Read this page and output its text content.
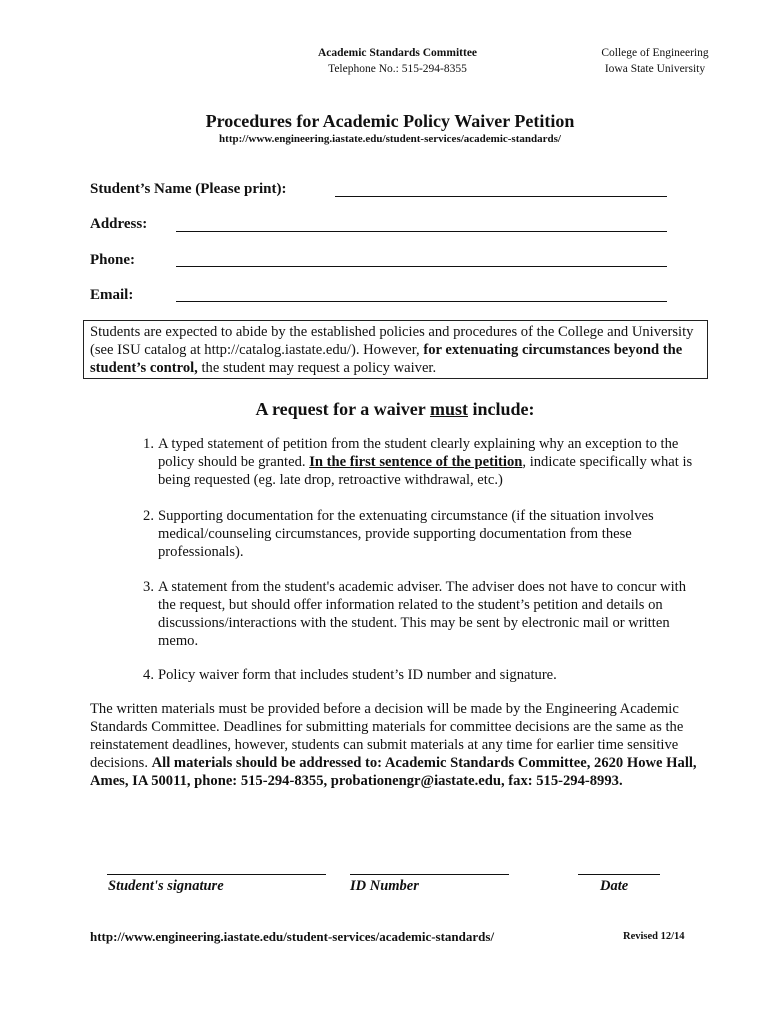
Academic Standards Committee
Telephone No.: 515-294-8355
College of Engineering
Iowa State University
Procedures for Academic Policy Waiver Petition
http://www.engineering.iastate.edu/student-services/academic-standards/
Student’s Name (Please print):
Address:
Phone:
Email:
Students are expected to abide by the established policies and procedures of the College and University (see ISU catalog at http://catalog.iastate.edu/). However, for extenuating circumstances beyond the student’s control, the student may request a policy waiver.
A request for a waiver must include:
1. A typed statement of petition from the student clearly explaining why an exception to the policy should be granted. In the first sentence of the petition, indicate specifically what is being requested (eg. late drop, retroactive withdrawal, etc.)
2. Supporting documentation for the extenuating circumstance (if the situation involves medical/counseling circumstances, provide supporting documentation from these professionals).
3. A statement from the student's academic adviser. The adviser does not have to concur with the request, but should offer information related to the student’s petition and details on discussions/interactions with the student. This may be sent by electronic mail or written memo.
4. Policy waiver form that includes student’s ID number and signature.
The written materials must be provided before a decision will be made by the Engineering Academic Standards Committee. Deadlines for submitting materials for committee decisions are the same as the reinstatement deadlines, however, students can submit materials at any time for earlier time sensitive decisions. All materials should be addressed to: Academic Standards Committee, 2620 Howe Hall, Ames, IA 50011, phone: 515-294-8355, probationengr@iastate.edu, fax: 515-294-8993.
Student's signature	ID Number	Date
http://www.engineering.iastate.edu/student-services/academic-standards/	Revised 12/14
